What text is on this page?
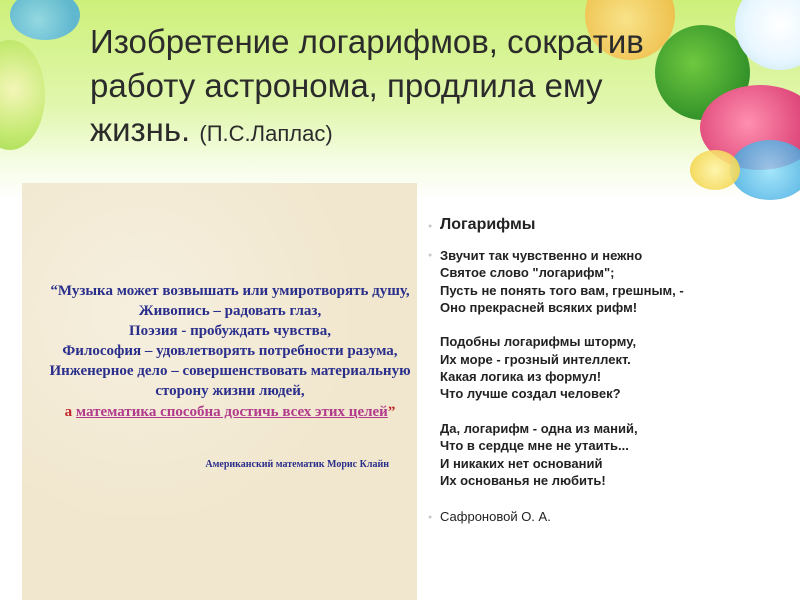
Изобретение логарифмов, сократив работу астронома, продлила ему жизнь. (П.С.Лаплас)
“Музыка может возвышать или умиротворять душу,
Живопись – радовать глаз,
Поэзия - пробуждать чувства,
Философия – удовлетворять потребности разума,
Инженерное дело – совершенствовать материальную
сторону жизни людей,
а математика способна достичь всех этих целей”
Американский математик Морис Клайн
● Логарифмы
● Звучит так чувственно и нежно
Святое слово "логарифм";
Пусть не понять того вам, грешным, -
Оно прекрасней всяких рифм!
Подобны логарифмы шторму,
Их море - грозный интеллект.
Какая логика из формул!
Что лучше создал человек?
Да, логарифм - одна из маний,
Что в сердце мне не утаить...
И никаких нет оснований
Их основанья не любить!
● Сафроновой О. А.
